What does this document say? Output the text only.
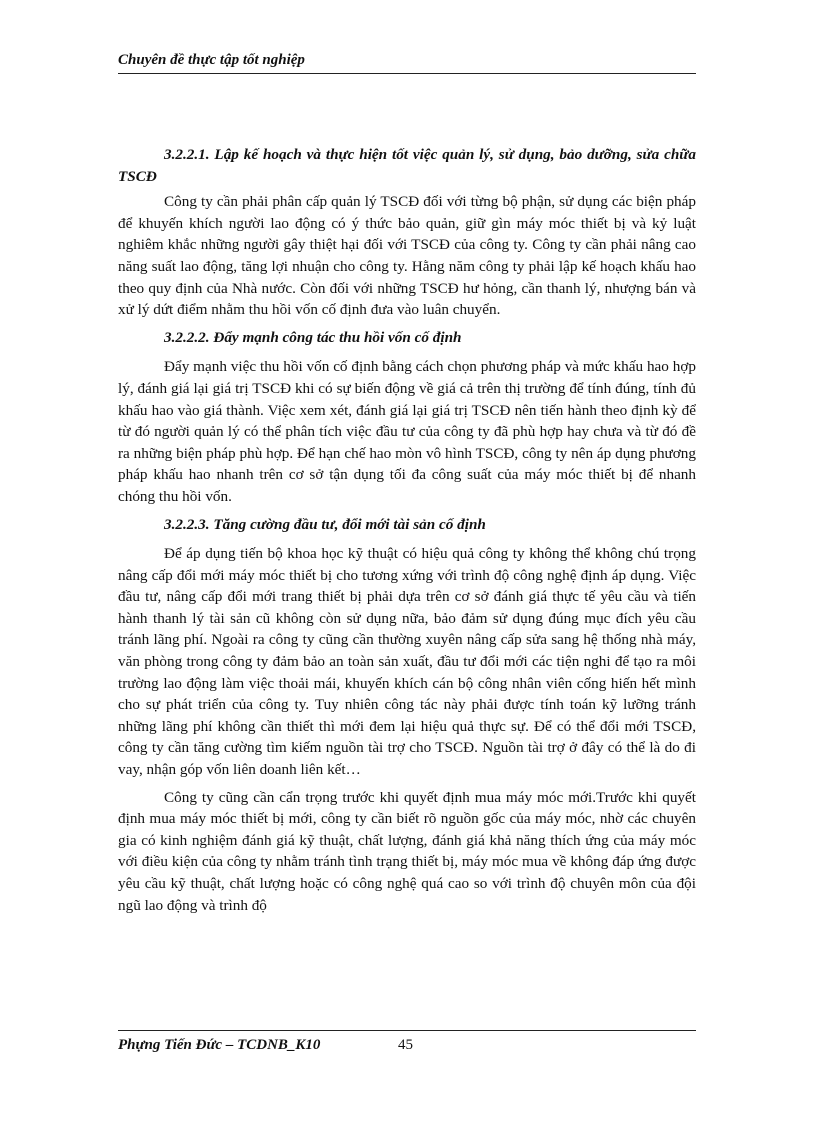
Chuyên đề thực tập tốt nghiệp
3.2.2.1. Lập kế hoạch và thực hiện tốt việc quản lý, sử dụng, bảo dưỡng, sửa chữa TSCĐ

Công ty cần phải phân cấp quản lý TSCĐ đối với từng bộ phận, sử dụng các biện pháp để khuyến khích người lao động có ý thức bảo quản, giữ gìn máy móc thiết bị và kỷ luật nghiêm khắc những người gây thiệt hại đối với TSCĐ của công ty. Công ty cần phải nâng cao năng suất lao động, tăng lợi nhuận cho công ty. Hằng năm công ty phải lập kế hoạch khấu hao theo quy định của Nhà nước. Còn đối với những TSCĐ hư hỏng, cần thanh lý, nhượng bán và xử lý dứt điểm nhằm thu hồi vốn cố định đưa vào luân chuyển.

3.2.2.2. Đẩy mạnh công tác thu hồi vốn cố định

Đẩy mạnh việc thu hồi vốn cố định bằng cách chọn phương pháp và mức khấu hao hợp lý, đánh giá lại giá trị TSCĐ khi có sự biến động về giá cả trên thị trường để tính đúng, tính đủ khấu hao vào giá thành. Việc xem xét, đánh giá lại giá trị TSCĐ nên tiến hành theo định kỳ để từ đó người quản lý có thể phân tích việc đầu tư của công ty đã phù hợp hay chưa và từ đó đề ra những biện pháp phù hợp. Để hạn chế hao mòn vô hình TSCĐ, công ty nên áp dụng phương pháp khấu hao nhanh trên cơ sở tận dụng tối đa công suất của máy móc thiết bị để nhanh chóng thu hồi vốn.

3.2.2.3. Tăng cường đầu tư, đổi mới tài sản cố định

Để áp dụng tiến bộ khoa học kỹ thuật có hiệu quả công ty không thể không chú trọng nâng cấp đổi mới máy móc thiết bị cho tương xứng với trình độ công nghệ định áp dụng. Việc đầu tư, nâng cấp đổi mới trang thiết bị phải dựa trên cơ sở đánh giá thực tế yêu cầu và tiến hành thanh lý tài sản cũ không còn sử dụng nữa, bảo đảm sử dụng đúng mục đích yêu cầu tránh lãng phí. Ngoài ra công ty cũng cần thường xuyên nâng cấp sửa sang hệ thống nhà máy, văn phòng trong công ty đảm bảo an toàn sản xuất, đầu tư đổi mới các tiện nghi để tạo ra môi trường lao động làm việc thoải mái, khuyến khích cán bộ công nhân viên cống hiến hết mình cho sự phát triển của công ty. Tuy nhiên công tác này phải được tính toán kỹ lưỡng tránh những lãng phí không cần thiết thì mới đem lại hiệu quả thực sự. Để có thể đổi mới TSCĐ, công ty cần tăng cường tìm kiếm nguồn tài trợ cho TSCĐ. Nguồn tài trợ ở đây có thể là do đi vay, nhận góp vốn liên doanh liên kết…

Công ty cũng cần cẩn trọng trước khi quyết định mua máy móc mới.Trước khi quyết định mua máy móc thiết bị mới, công ty cần biết rõ nguồn gốc của máy móc, nhờ các chuyên gia có kinh nghiệm đánh giá kỹ thuật, chất lượng, đánh giá khả năng thích ứng của máy móc với điều kiện của công ty nhằm tránh tình trạng thiết bị, máy móc mua về không đáp ứng được yêu cầu kỹ thuật, chất lượng hoặc có công nghệ quá cao so với trình độ chuyên môn của đội ngũ lao động và trình độ

Phựng Tiến Đức – TCDNB_K10	45
